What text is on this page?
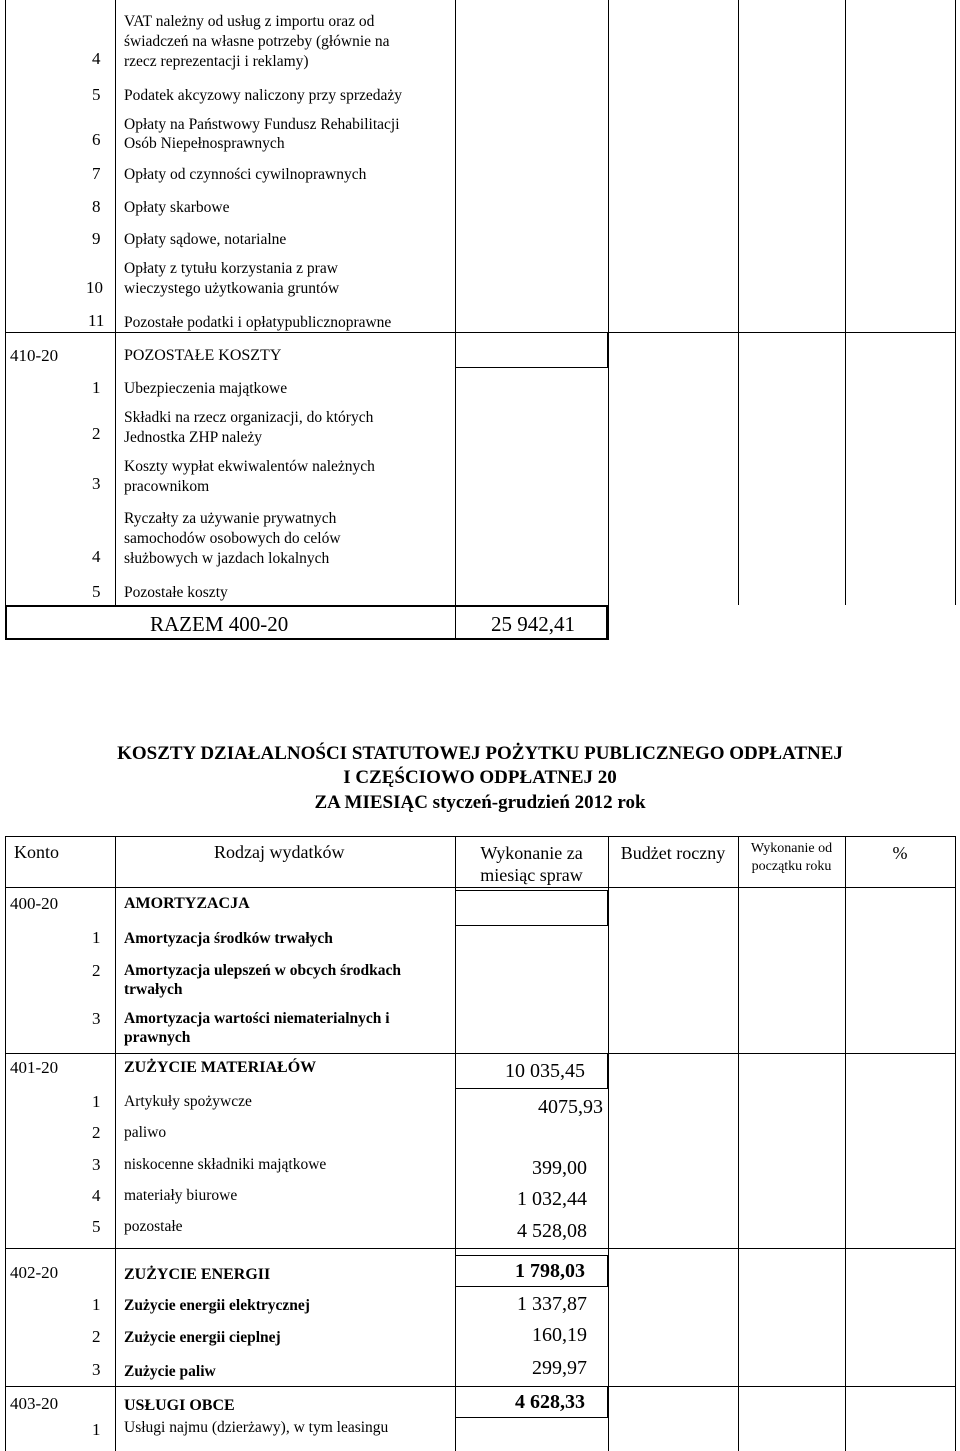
4
VAT należny od usług z importu oraz od
świadczeń na własne potrzeby (głównie na
rzecz reprezentacji i reklamy)
5 Podatek akcyzowy naliczony przy sprzedaży
6
Opłaty na Państwowy Fundusz Rehabilitacji
Osób Niepełnosprawnych
7 Opłaty od czynności cywilnoprawnych
8 Opłaty skarbowe
9 Opłaty sądowe, notarialne
10
Opłaty z tytułu korzystania z praw
wieczystego użytkowania gruntów
11 Pozostałe podatki i opłatypublicznoprawne
410-20	POZOSTAŁE KOSZTY
1 Ubezpieczenia majątkowe
2
Składki na rzecz organizacji, do których
Jednostka ZHP należy
3
Koszty wypłat ekwiwalentów należnych
pracownikom
4
Ryczałty za używanie prywatnych
samochodów osobowych do celów
służbowych w jazdach lokalnych
5 Pozostałe koszty
RAZEM 400-20	25 942,41
KOSZTY DZIAŁALNOŚCI STATUTOWEJ POŻYTKU PUBLICZNEGO ODPŁATNEJ
I CZĘŚCIOWO ODPŁATNEJ 20
ZA MIESIĄC styczeń-grudzień 2012 rok
Konto	Rodzaj wydatków	Wykonanie za
miesiąc spraw
Budżet roczny	Wykonanie od
początku roku
%
400-20	AMORTYZACJA
1 Amortyzacja środków trwałych
2 Amortyzacja ulepszeń w obcych środkach
trwałych
3 Amortyzacja wartości niematerialnych i
prawnych
401-20	ZUŻYCIE MATERIAŁÓW	10 035,45
1 Artykuły spożywcze	4075,93
2 paliwo
3 niskocenne składniki majątkowe	399,00
4 materiały biurowe	1 032,44
5 pozostałe	4 528,08
402-20	ZUŻYCIE ENERGII	1 798,03
1 Zużycie energii elektrycznej	1 337,87
2 Zużycie energii cieplnej	160,19
3 Zużycie paliw	299,97
403-20	USŁUGI OBCE	4 628,33
1 Usługi najmu (dzierżawy), w tym leasingu
